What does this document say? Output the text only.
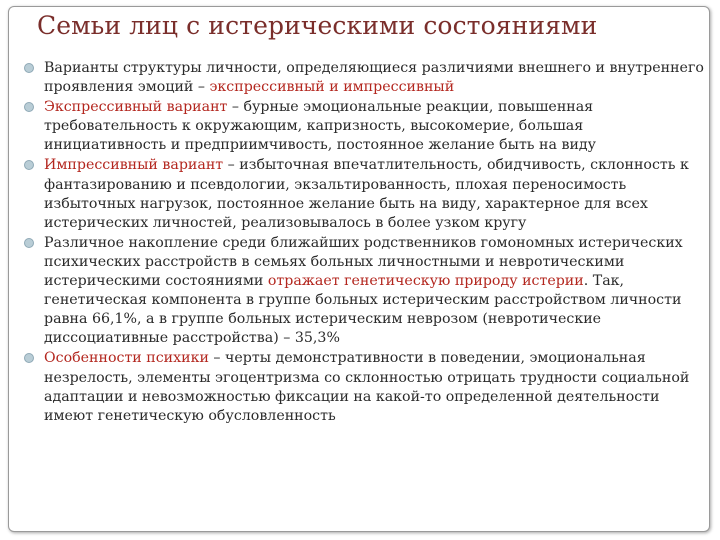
Семьи лиц с истерическими состояниями
Варианты структуры личности, определяющиеся различиями внешнего и внутреннего проявления эмоций – экспрессивный и импрессивный
Экспрессивный вариант – бурные эмоциональные реакции, повышенная требовательность к окружающим, капризность, высокомерие, большая инициативность и предприимчивость, постоянное желание быть на виду
Импрессивный вариант – избыточная впечатлительность, обидчивость, склонность к фантазированию и псевдологии, экзальтированность, плохая переносимость избыточных нагрузок, постоянное желание быть на виду, характерное для всех истерических личностей, реализовывалось в более узком кругу
Различное накопление среди ближайших родственников гомономных истерических психических расстройств в семьях больных личностными и невротическими истерическими состояниями отражает генетическую природу истерии. Так, генетическая компонента в группе больных истерическим расстройством личности равна 66,1%, а в группе больных истерическим неврозом (невротические диссоциативные расстройства) – 35,3%
Особенности психики – черты демонстративности в поведении, эмоциональная незрелость, элементы эгоцентризма со склонностью отрицать трудности социальной адаптации и невозможностью фиксации на какой-то определенной деятельности имеют генетическую обусловленность
